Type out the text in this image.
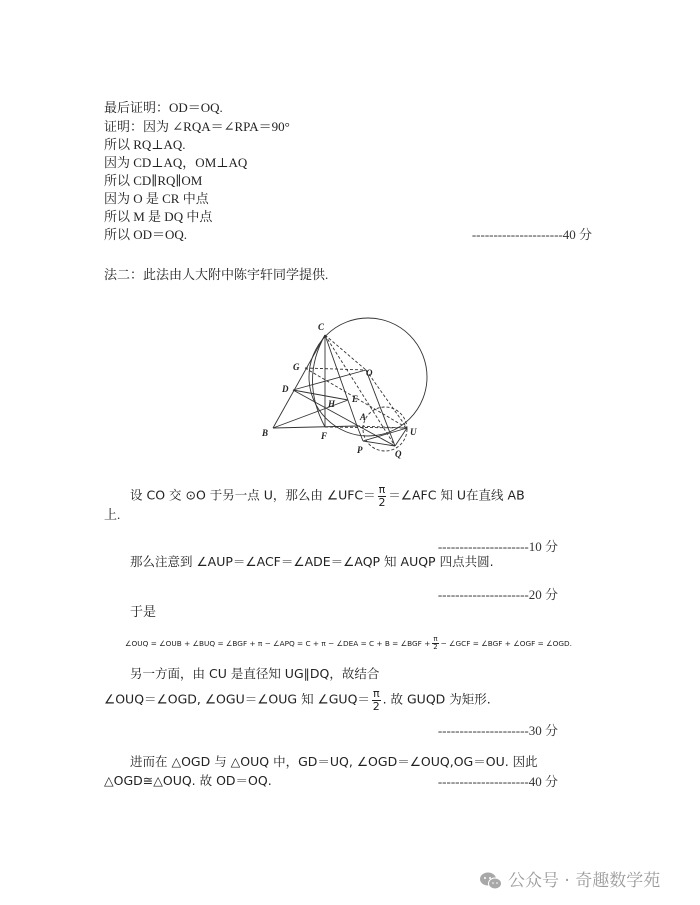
最后证明：OD＝OQ.
证明：因为 ∠RQA＝∠RPA＝90°
所以 RQ⊥AQ.
因为 CD⊥AQ，OM⊥AQ
所以 CD∥RQ∥OM
因为 O 是 CR 中点
所以 M 是 DQ 中点
所以 OD＝OQ.	---------------------40 分
法二：此法由人大附中陈宇轩同学提供.
C
G
O
D
E
H
B	F
A
U
P	Q
设 CO 交 ⊙O 于另一点 U，那么由 ∠UFC＝ $\frac{\pi}{2}$ ＝∠AFC 知 U在直线 AB
上.
---------------------10 分
那么注意到 ∠AUP＝∠ACF＝∠ADE＝∠AQP 知 AUQP 四点共圆.
---------------------20 分
于是
∠OUQ = ∠OUB + ∠BUQ = ∠BGF + π − ∠APQ = C + π − ∠DEA = C + B = ∠BGF + $\frac{\pi}{2}$ − ∠GCF = ∠BGF + ∠OGF = ∠OGD.
另一方面，由 CU 是直径知 UG∥DQ，故结合
∠OUQ＝∠OGD, ∠OGU＝∠OUG 知 ∠GUQ＝ $\frac{\pi}{2}$ . 故 GUQD 为矩形.
---------------------30 分
进而在 △OGD 与 △OUQ 中，GD＝UQ, ∠OGD＝∠OUQ,OG＝OU. 因此
△OGD≅△OUQ. 故 OD＝OQ.	---------------------40 分
公众号 · 奇趣数学苑
